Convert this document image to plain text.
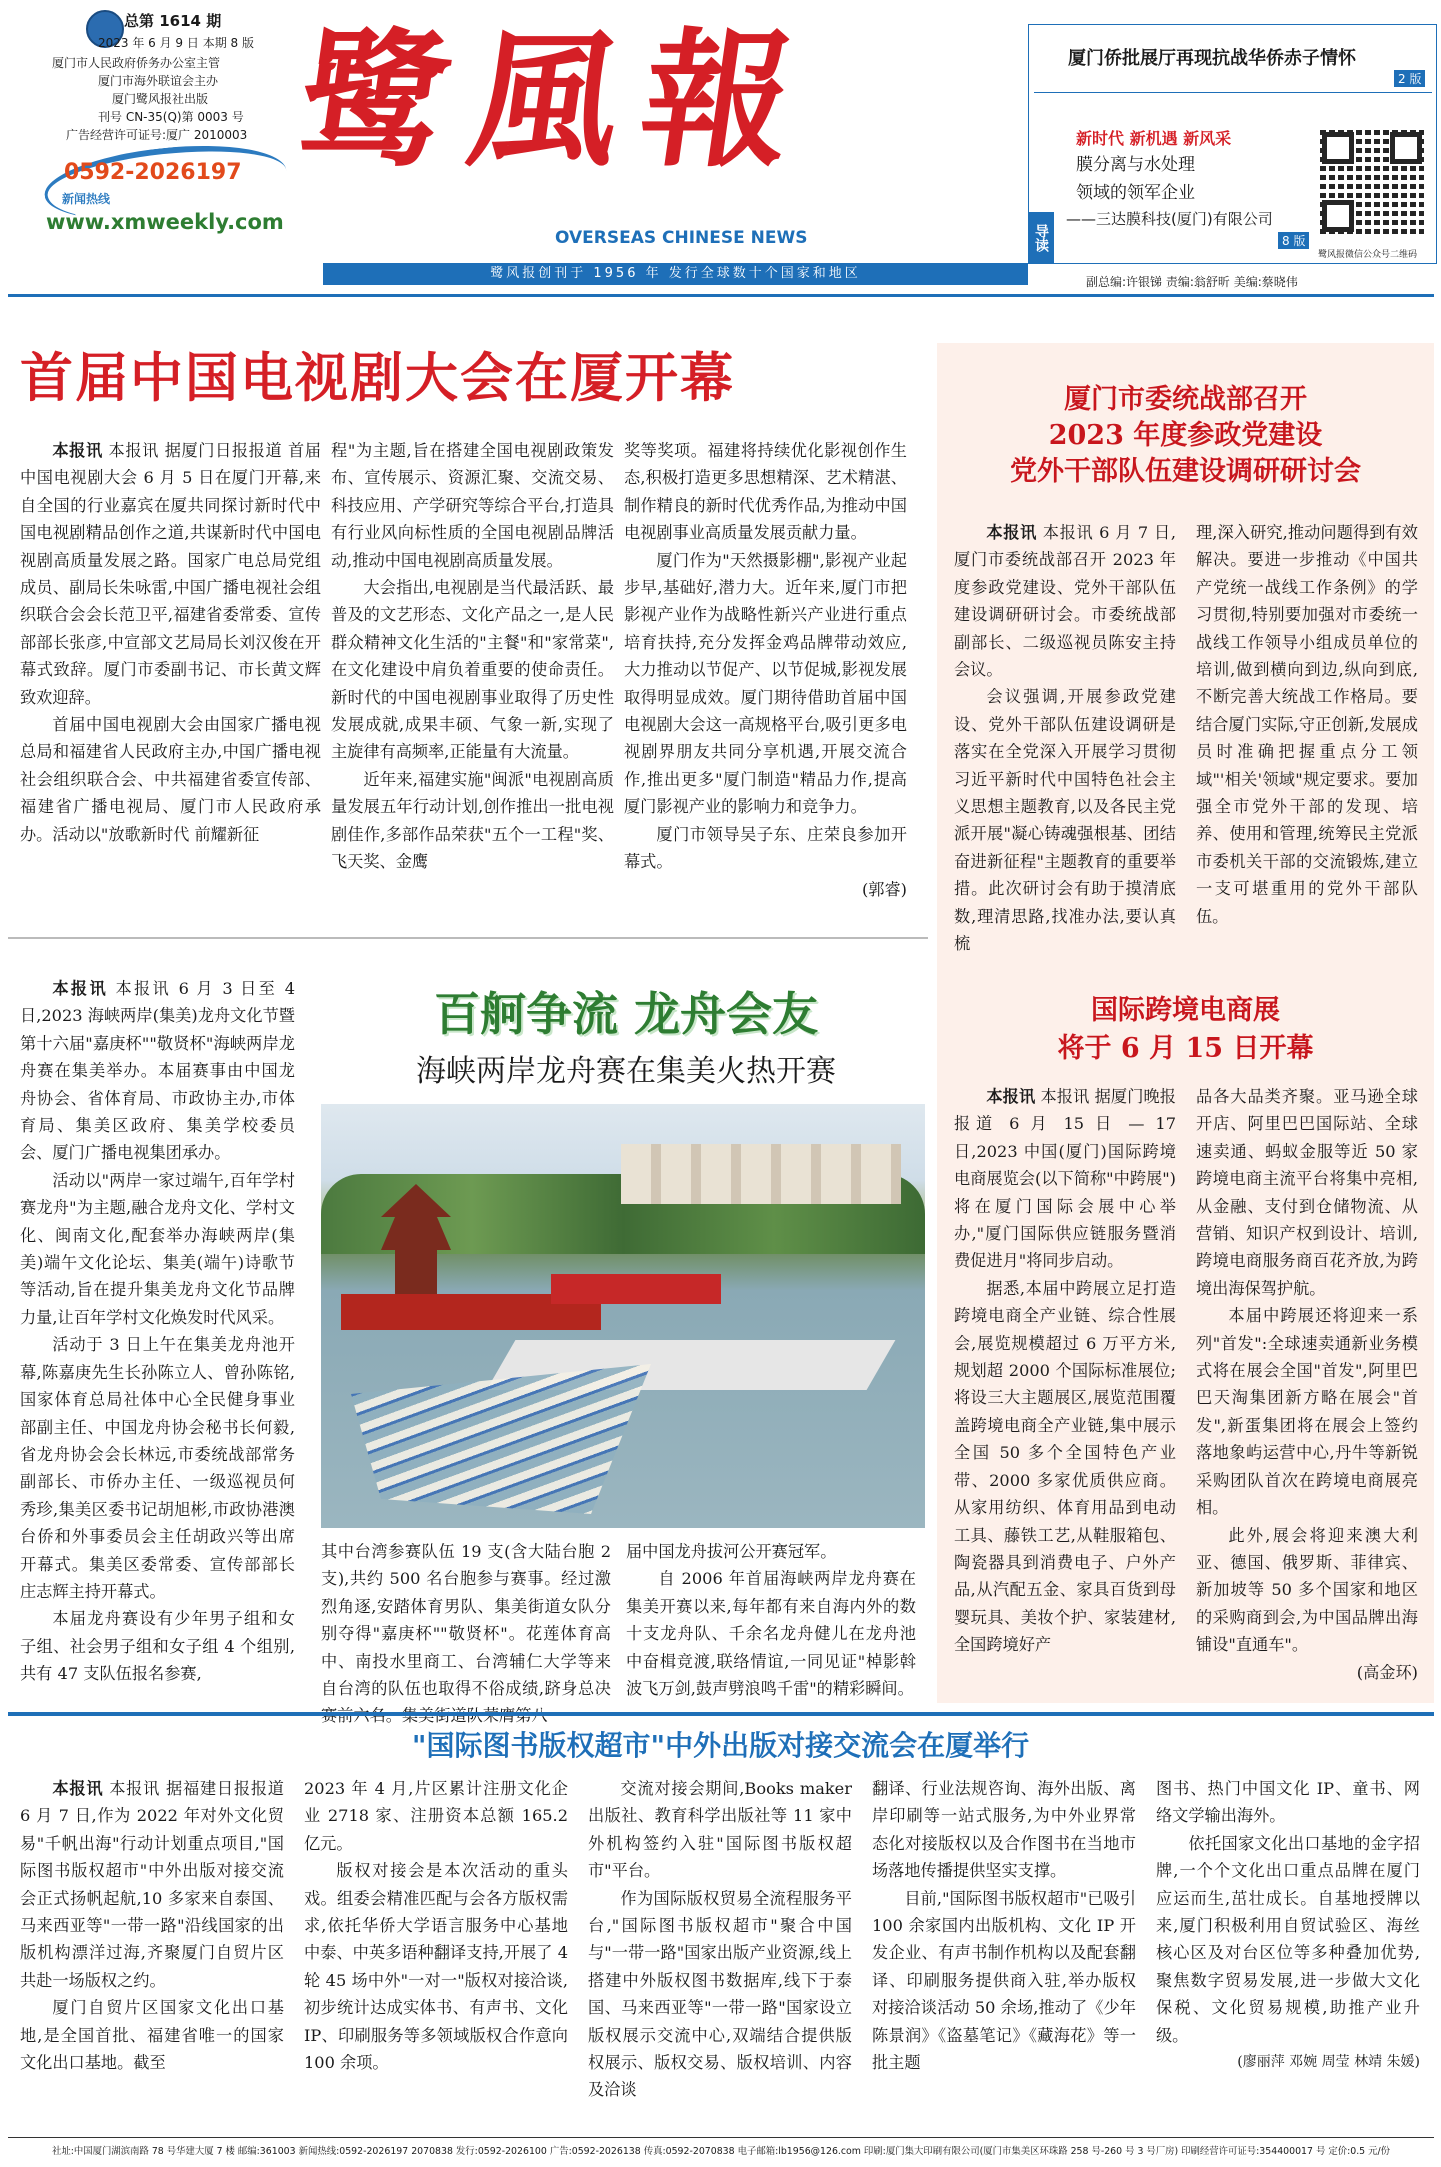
总第 1614 期
2023 年 6 月 9 日 本期 8 版
厦门市人民政府侨务办公室主管
厦门市海外联谊会主办
厦门鹭风报社出版
刊号 CN-35(Q)第 0003 号
广告经营许可证号:厦广 2010003
0592-2026197
新闻热线
www.xmweekly.com
鹭 風 報
OVERSEAS CHINESE NEWS
鹭风报创刊于 1956 年 发行全球数十个国家和地区
导读
厦门侨批展厅再现抗战华侨赤子情怀
2 版
新时代 新机遇 新风采
膜分离与水处理
领域的领军企业
——三达膜科技(厦门)有限公司
8 版
鹭风报微信公众号二维码
副总编:许银锑 责编:翁舒昕 美编:蔡晓伟
首届中国电视剧大会在厦开幕

本报讯 本报讯 据厦门日报报道 首届中国电视剧大会 6 月 5 日在厦门开幕,来自全国的行业嘉宾在厦共同探讨新时代中国电视剧精品创作之道,共谋新时代中国电视剧高质量发展之路。国家广电总局党组成员、副局长朱咏雷,中国广播电视社会组织联合会会长范卫平,福建省委常委、宣传部部长张彦,中宣部文艺局局长刘汉俊在开幕式致辞。厦门市委副书记、市长黄文辉致欢迎辞。

首届中国电视剧大会由国家广播电视总局和福建省人民政府主办,中国广播电视社会组织联合会、中共福建省委宣传部、福建省广播电视局、厦门市人民政府承办。活动以"放歌新时代 前耀新征

程"为主题,旨在搭建全国电视剧政策发布、宣传展示、资源汇聚、交流交易、科技应用、产学研究等综合平台,打造具有行业风向标性质的全国电视剧品牌活动,推动中国电视剧高质量发展。

大会指出,电视剧是当代最活跃、最普及的文艺形态、文化产品之一,是人民群众精神文化生活的"主餐"和"家常菜",在文化建设中肩负着重要的使命责任。新时代的中国电视剧事业取得了历史性发展成就,成果丰硕、气象一新,实现了主旋律有高频率,正能量有大流量。

近年来,福建实施"闽派"电视剧高质量发展五年行动计划,创作推出一批电视剧佳作,多部作品荣获"五个一工程"奖、飞天奖、金鹰

奖等奖项。福建将持续优化影视创作生态,积极打造更多思想精深、艺术精湛、制作精良的新时代优秀作品,为推动中国电视剧事业高质量发展贡献力量。

厦门作为"天然摄影棚",影视产业起步早,基础好,潜力大。近年来,厦门市把影视产业作为战略性新兴产业进行重点培育扶持,充分发挥金鸡品牌带动效应,大力推动以节促产、以节促城,影视发展取得明显成效。厦门期待借助首届中国电视剧大会这一高规格平台,吸引更多电视剧界朋友共同分享机遇,开展交流合作,推出更多"厦门制造"精品力作,提高厦门影视产业的影响力和竞争力。

厦门市领导吴子东、庄荣良参加开幕式。

(郭睿)

厦门市委统战部召开
2023 年度参政党建设
党外干部队伍建设调研研讨会

本报讯 本报讯 6 月 7 日,厦门市委统战部召开 2023 年度参政党建设、党外干部队伍建设调研研讨会。市委统战部副部长、二级巡视员陈安主持会议。

会议强调,开展参政党建设、党外干部队伍建设调研是落实在全党深入开展学习贯彻习近平新时代中国特色社会主义思想主题教育,以及各民主党派开展"凝心铸魂强根基、团结奋进新征程"主题教育的重要举措。此次研讨会有助于摸清底数,理清思路,找准办法,要认真梳

理,深入研究,推动问题得到有效解决。要进一步推动《中国共产党统一战线工作条例》的学习贯彻,特别要加强对市委统一战线工作领导小组成员单位的培训,做到横向到边,纵向到底,不断完善大统战工作格局。要结合厦门实际,守正创新,发展成员时准确把握重点分工领域"'相关'领域"规定要求。要加强全市党外干部的发现、培养、使用和管理,统筹民主党派市委机关干部的交流锻炼,建立一支可堪重用的党外干部队伍。

国际跨境电商展
将于 6 月 15 日开幕

本报讯 本报讯 据厦门晚报报道 6 月 15 日 — 17 日,2023 中国(厦门)国际跨境电商展览会(以下简称"中跨展")将在厦门国际会展中心举办,"厦门国际供应链服务暨消费促进月"将同步启动。

据悉,本届中跨展立足打造跨境电商全产业链、综合性展会,展览规模超过 6 万平方米,规划超 2000 个国际标准展位;将设三大主题展区,展览范围覆盖跨境电商全产业链,集中展示全国 50 多个全国特色产业带、2000 多家优质供应商。从家用纺织、体育用品到电动工具、藤铁工艺,从鞋服箱包、陶瓷器具到消费电子、户外产品,从汽配五金、家具百货到母婴玩具、美妆个护、家装建材,全国跨境好产

品各大品类齐聚。亚马逊全球开店、阿里巴巴国际站、全球速卖通、蚂蚁金服等近 50 家跨境电商主流平台将集中亮相,从金融、支付到仓储物流、从营销、知识产权到设计、培训,跨境电商服务商百花齐放,为跨境出海保驾护航。

本届中跨展还将迎来一系列"首发":全球速卖通新业务模式将在展会全国"首发",阿里巴巴天淘集团新方略在展会"首发",新蛋集团将在展会上签约落地象屿运营中心,丹牛等新锐采购团队首次在跨境电商展亮相。

此外,展会将迎来澳大利亚、德国、俄罗斯、菲律宾、新加坡等 50 多个国家和地区的采购商到会,为中国品牌出海铺设"直通车"。

(高金环)

本报讯 本报讯 6 月 3 日至 4 日,2023 海峡两岸(集美)龙舟文化节暨第十六届"嘉庚杯""敬贤杯"海峡两岸龙舟赛在集美举办。本届赛事由中国龙舟协会、省体育局、市政协主办,市体育局、集美区政府、集美学校委员会、厦门广播电视集团承办。

活动以"两岸一家过端午,百年学村赛龙舟"为主题,融合龙舟文化、学村文化、闽南文化,配套举办海峡两岸(集美)端午文化论坛、集美(端午)诗歌节等活动,旨在提升集美龙舟文化节品牌力量,让百年学村文化焕发时代风采。

活动于 3 日上午在集美龙舟池开幕,陈嘉庚先生长孙陈立人、曾孙陈铭,国家体育总局社体中心全民健身事业部副主任、中国龙舟协会秘书长何毅,省龙舟协会会长林远,市委统战部常务副部长、市侨办主任、一级巡视员何秀珍,集美区委书记胡旭彬,市政协港澳台侨和外事委员会主任胡政兴等出席开幕式。集美区委常委、宣传部部长庄志辉主持开幕式。

本届龙舟赛设有少年男子组和女子组、社会男子组和女子组 4 个组别,共有 47 支队伍报名参赛,

百舸争流 龙舟会友
海峡两岸龙舟赛在集美火热开赛

其中台湾参赛队伍 19 支(含大陆台胞 2 支),共约 500 名台胞参与赛事。经过激烈角逐,安踏体育男队、集美街道女队分别夺得"嘉庚杯""敬贤杯"。花莲体育高中、南投水里商工、台湾辅仁大学等来自台湾的队伍也取得不俗成绩,跻身总决

届中国龙舟拔河公开赛冠军。

自 2006 年首届海峡两岸龙舟赛在集美开赛以来,每年都有来自海内外的数十支龙舟队、千余名龙舟健儿在龙舟池中奋楫竞渡,联络情谊,一同见证"棹影斡波飞万剑,鼓声劈浪鸣千雷"的精彩瞬间。

"国际图书版权超市"中外出版对接交流会在厦举行

本报讯 本报讯 据福建日报报道 6 月 7 日,作为 2022 年对外文化贸易"千帆出海"行动计划重点项目,"国际图书版权超市"中外出版对接交流会正式扬帆起航,10 多家来自泰国、马来西亚等"一带一路"沿线国家的出版机构漂洋过海,齐聚厦门自贸片区共赴一场版权之约。

厦门自贸片区国家文化出口基地,是全国首批、福建省唯一的国家文化出口基地。截至

2023 年 4 月,片区累计注册文化企业 2718 家、注册资本总额 165.2 亿元。

版权对接会是本次活动的重头戏。组委会精准匹配与会各方版权需求,依托华侨大学语言服务中心基地中泰、中英多语种翻译支持,开展了 4 轮 45 场中外"一对一"版权对接洽谈,初步统计达成实体书、有声书、文化 IP、印刷服务等多领域版权合作意向 100 余项。

交流对接会期间,Books maker 出版社、教育科学出版社等 11 家中外机构签约入驻"国际图书版权超市"平台。

作为国际版权贸易全流程服务平台,"国际图书版权超市"聚合中国与"一带一路"国家出版产业资源,线上搭建中外版权图书数据库,线下于泰国、马来西亚等"一带一路"国家设立版权展示交流中心,双端结合提供版权展示、版权交易、版权培训、内容及洽谈

翻译、行业法规咨询、海外出版、离岸印刷等一站式服务,为中外业界常态化对接版权以及合作图书在当地市场落地传播提供坚实支撑。

目前,"国际图书版权超市"已吸引 100 余家国内出版机构、文化 IP 开发企业、有声书制作机构以及配套翻译、印刷服务提供商入驻,举办版权对接洽谈活动 50 余场,推动了《少年陈景润》《盗墓笔记》《藏海花》等一批主题

图书、热门中国文化 IP、童书、网络文学输出海外。

依托国家文化出口基地的金字招牌,一个个文化出口重点品牌在厦门应运而生,茁壮成长。自基地授牌以来,厦门积极利用自贸试验区、海丝核心区及对台区位等多种叠加优势,聚焦数字贸易发展,进一步做大文化保税、文化贸易规模,助推产业升级。

(廖丽萍 邓婉 周莹 林靖 朱媛)

社址:中国厦门湖滨南路 78 号华建大厦 7 楼 邮编:361003 新闻热线:0592-2026197 2070838 发行:0592-2026100 广告:0592-2026138 传真:0592-2070838 电子邮箱:lb1956@126.com 印刷:厦门集大印刷有限公司(厦门市集美区环珠路 258 号-260 号 3 号厂房) 印刷经营许可证号:354400017 号 定价:0.5 元/份
